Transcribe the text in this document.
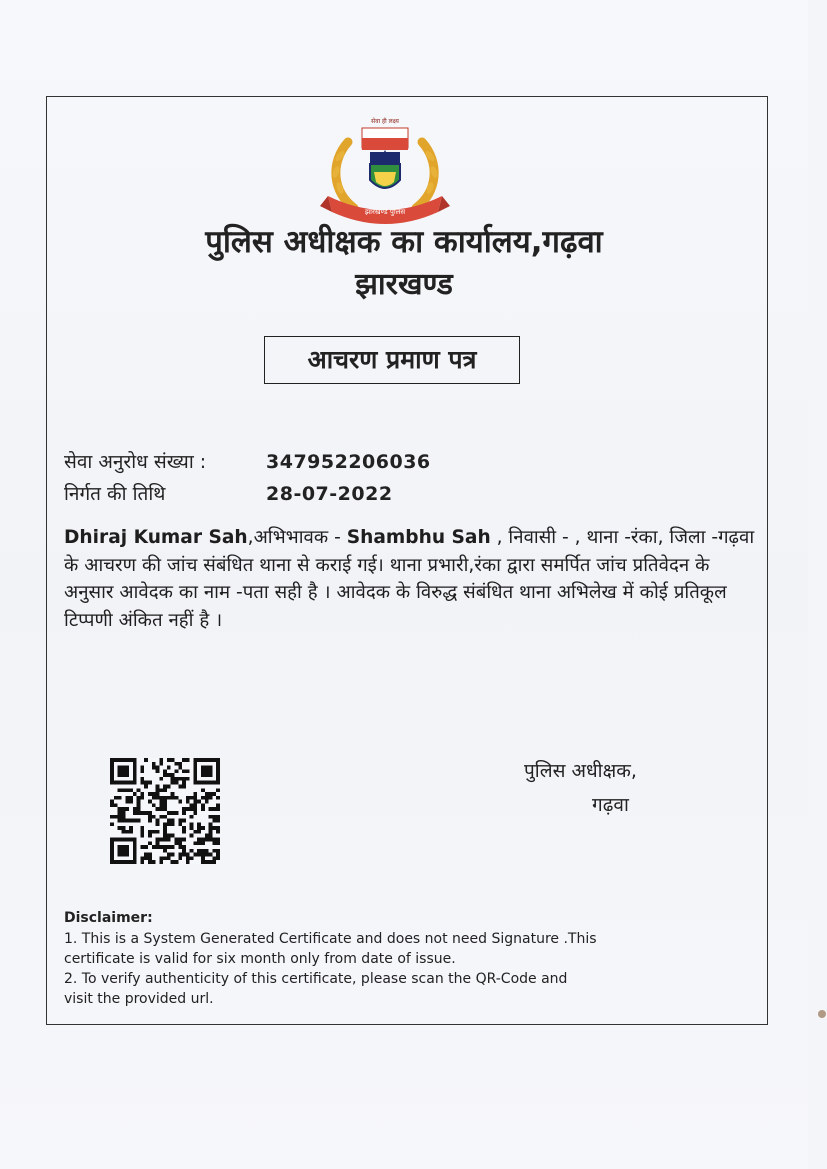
सेवा ही लक्ष्य
झारखण्ड पुलिस
पुलिस अधीक्षक का कार्यालय,गढ़वा
झारखण्ड
आचरण प्रमाण पत्र
सेवा अनुरोध संख्या :	347952206036
निर्गत की तिथि	28-07-2022
Dhiraj Kumar Sah,अभिभावक - Shambhu Sah , निवासी - , थाना -रंका, जिला -गढ़वा के आचरण की जांच संबंधित थाना से कराई गई। थाना प्रभारी,रंका द्वारा समर्पित जांच प्रतिवेदन के अनुसार आवेदक का नाम -पता सही है । आवेदक के विरुद्ध संबंधित थाना अभिलेख में कोई प्रतिकूल टिप्पणी अंकित नहीं है ।
पुलिस अधीक्षक,
गढ़वा
Disclaimer:
1. This is a System Generated Certificate and does not need Signature .This
certificate is valid for six month only from date of issue.
2. To verify authenticity of this certificate, please scan the QR-Code and
visit the provided url.
